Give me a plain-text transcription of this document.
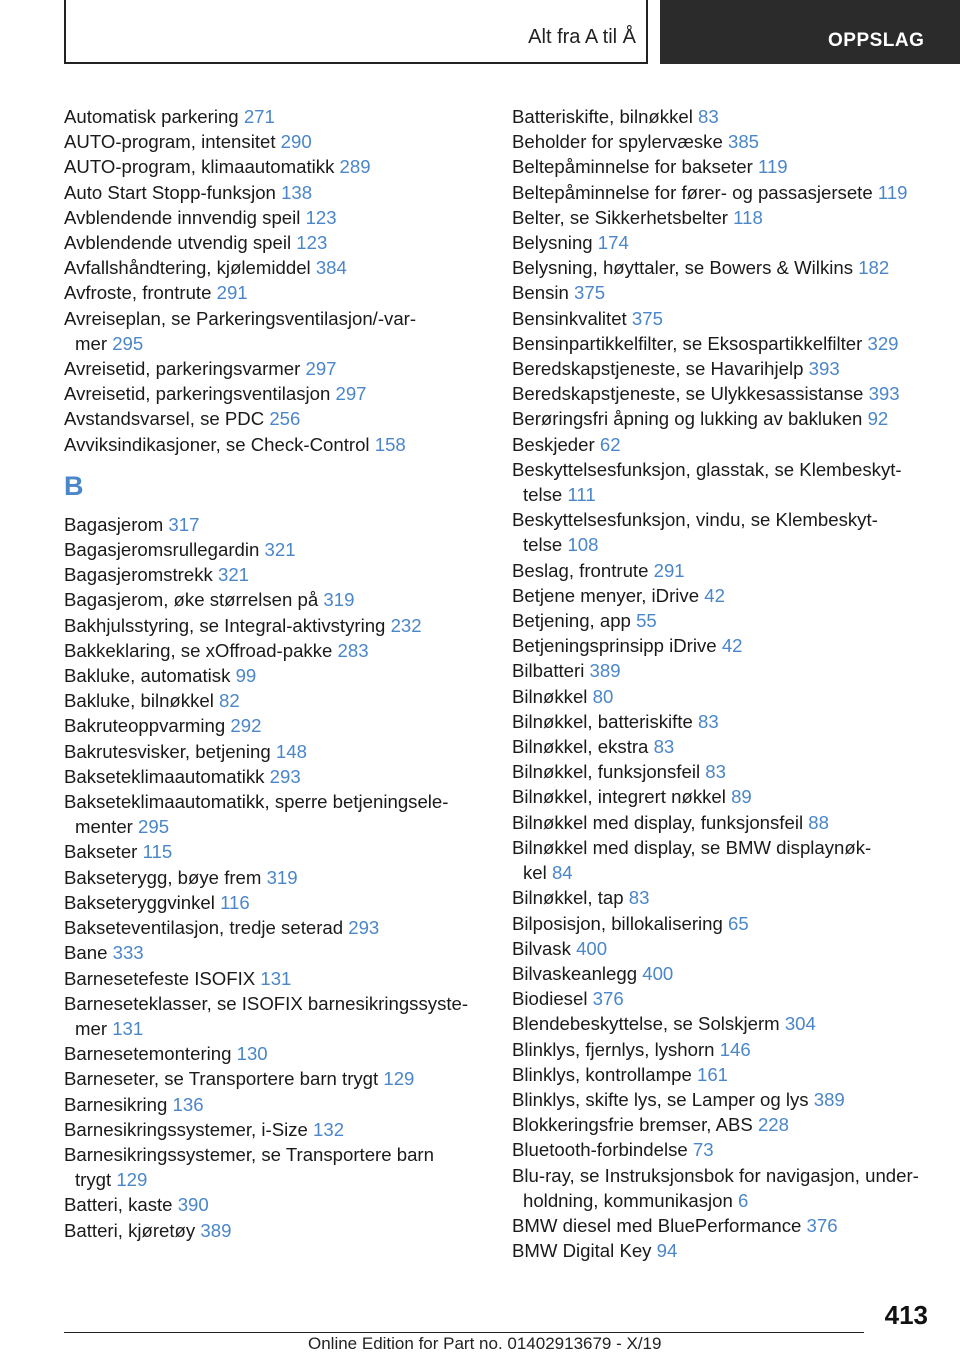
Alt fra A til Å	OPPSLAG
Automatisk parkering 271
AUTO-program, intensitet 290
AUTO-program, klimaautomatikk 289
Auto Start Stopp-funksjon 138
Avblendende innvendig speil 123
Avblendende utvendig speil 123
Avfallshåndtering, kjølemiddel 384
Avfroste, frontrute 291
Avreiseplan, se Parkeringsventilasjon/-var-
mer 295
Avreisetid, parkeringsvarmer 297
Avreisetid, parkeringsventilasjon 297
Avstandsvarsel, se PDC 256
Avviksindikasjoner, se Check-Control 158
B
Bagasjerom 317
Bagasjeromsrullegardin 321
Bagasjeromstrekk 321
Bagasjerom, øke størrelsen på 319
Bakhjulsstyring, se Integral-aktivstyring 232
Bakkeklaring, se xOffroad-pakke 283
Bakluke, automatisk 99
Bakluke, bilnøkkel 82
Bakruteoppvarming 292
Bakrutesvisker, betjening 148
Bakseteklimaautomatikk 293
Bakseteklimaautomatikk, sperre betjeningsele-
menter 295
Bakseter 115
Bakseterygg, bøye frem 319
Bakseteryggvinkel 116
Bakseteventilasjon, tredje seterad 293
Bane 333
Barnesetefeste ISOFIX 131
Barneseteklasser, se ISOFIX barnesikringssyste-
mer 131
Barnesetemontering 130
Barneseter, se Transportere barn trygt 129
Barnesikring 136
Barnesikringssystemer, i-Size 132
Barnesikringssystemer, se Transportere barn
trygt 129
Batteri, kaste 390
Batteri, kjøretøy 389
Batteriskifte, bilnøkkel 83
Beholder for spylervæske 385
Beltepåminnelse for bakseter 119
Beltepåminnelse for fører- og passasjersete 119
Belter, se Sikkerhetsbelter 118
Belysning 174
Belysning, høyttaler, se Bowers & Wilkins 182
Bensin 375
Bensinkvalitet 375
Bensinpartikkelfilter, se Eksospartikkelfilter 329
Beredskapstjeneste, se Havarihjelp 393
Beredskapstjeneste, se Ulykkesassistanse 393
Berøringsfri åpning og lukking av bakluken 92
Beskjeder 62
Beskyttelsesfunksjon, glasstak, se Klembeskyt-
telse 111
Beskyttelsesfunksjon, vindu, se Klembeskyt-
telse 108
Beslag, frontrute 291
Betjene menyer, iDrive 42
Betjening, app 55
Betjeningsprinsipp iDrive 42
Bilbatteri 389
Bilnøkkel 80
Bilnøkkel, batteriskifte 83
Bilnøkkel, ekstra 83
Bilnøkkel, funksjonsfeil 83
Bilnøkkel, integrert nøkkel 89
Bilnøkkel med display, funksjonsfeil 88
Bilnøkkel med display, se BMW displaynøk-
kel 84
Bilnøkkel, tap 83
Bilposisjon, billokalisering 65
Bilvask 400
Bilvaskeanlegg 400
Biodiesel 376
Blendebeskyttelse, se Solskjerm 304
Blinklys, fjernlys, lyshorn 146
Blinklys, kontrollampe 161
Blinklys, skifte lys, se Lamper og lys 389
Blokkeringsfrie bremser, ABS 228
Bluetooth-forbindelse 73
Blu-ray, se Instruksjonsbok for navigasjon, under-
holdning, kommunikasjon 6
BMW diesel med BluePerformance 376
BMW Digital Key 94
413
Online Edition for Part no. 01402913679 - X/19
